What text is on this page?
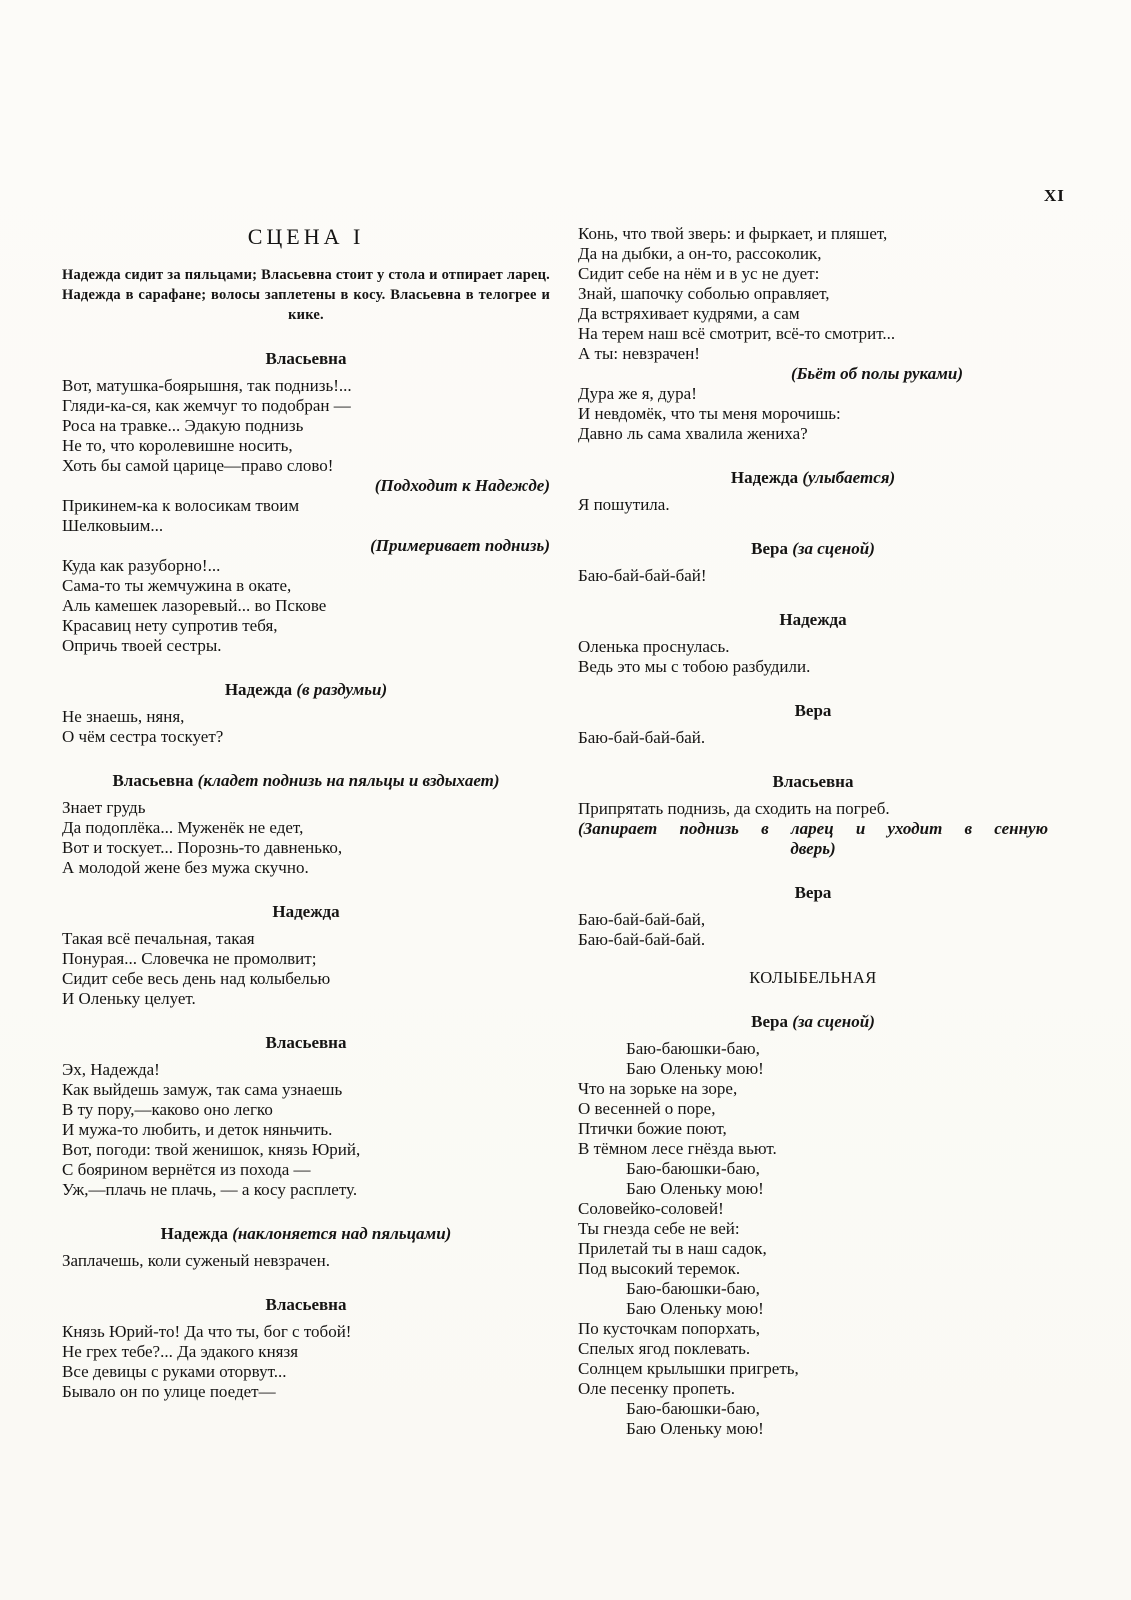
XI
СЦЕНА I
Надежда сидит за пяльцами; Власьевна стоит у стола и отпирает ларец. Надежда в сарафане; волосы заплетены в косу. Власьевна в телогрее и кике.
Власьевна
Вот, матушка-боярышня, так поднизь!...
Гляди-ка-ся, как жемчуг то подобран —
Роса на травке... Эдакую поднизь
Не то, что королевишне носить,
Хоть бы самой царице—право слово!
(Подходит к Надежде)
Прикинем-ка к волосикам твоим
Шелковыим...
(Примеривает поднизь)
Куда как разуборно!...
Сама-то ты жемчужина в окате,
Аль камешек лазоревый... во Пскове
Красавиц нету супротив тебя,
Опричь твоей сестры.
Надежда (в раздумьи)
Не знаешь, няня,
О чём сестра тоскует?
Власьевна (кладет поднизь на пяльцы и вздыхает)
Знает грудь
Да подоплёка... Муженёк не едет,
Вот и тоскует... Порознь-то давненько,
А молодой жене без мужа скучно.
Надежда
Такая всё печальная, такая
Понурая... Словечка не промолвит;
Сидит себе весь день над колыбелью
И Оленьку целует.
Власьевна
Эх, Надежда!
Как выйдешь замуж, так сама узнаешь
В ту пору,—каково оно легко
И мужа-то любить, и деток няньчить.
Вот, погоди: твой женишок, князь Юрий,
С боярином вернётся из похода —
Уж,—плачь не плачь, — а косу расплету.
Надежда (наклоняется над пяльцами)
Заплачешь, коли суженый невзрачен.
Власьевна
Князь Юрий-то! Да что ты, бог с тобой!
Не грех тебе?... Да эдакого князя
Все девицы с руками оторвут...
Бывало он по улице поедет—
Конь, что твой зверь: и фыркает, и пляшет,
Да на дыбки, а он-то, рассоколик,
Сидит себе на нём и в ус не дует:
Знай, шапочку соболью оправляет,
Да встряхивает кудрями, а сам
На терем наш всё смотрит, всё-то смотрит...
А ты: невзрачен!
(Бьёт об полы руками)
Дура же я, дура!
И невдомёк, что ты меня морочишь:
Давно ль сама хвалила жениха?
Надежда (улыбается)
Я пошутила.
Вера (за сценой)
Баю-бай-бай-бай!
Надежда
Оленька проснулась.
Ведь это мы с тобою разбудили.
Вера
Баю-бай-бай-бай.
Власьевна
Припрятать поднизь, да сходить на погреб.
(Запирает поднизь в ларец и уходит в сенную
дверь)
Вера
Баю-бай-бай-бай,
Баю-бай-бай-бай.
КОЛЫБЕЛЬНАЯ
Вера (за сценой)
Баю-баюшки-баю,
Баю Оленьку мою!
Что на зорьке на зоре,
О весенней о поре,
Птички божие поют,
В тёмном лесе гнёзда вьют.
Баю-баюшки-баю,
Баю Оленьку мою!
Соловейко-соловей!
Ты гнезда себе не вей:
Прилетай ты в наш садок,
Под высокий теремок.
Баю-баюшки-баю,
Баю Оленьку мою!
По кусточкам попорхать,
Спелых ягод поклевать.
Солнцем крылышки пригреть,
Оле песенку пропеть.
Баю-баюшки-баю,
Баю Оленьку мою!
